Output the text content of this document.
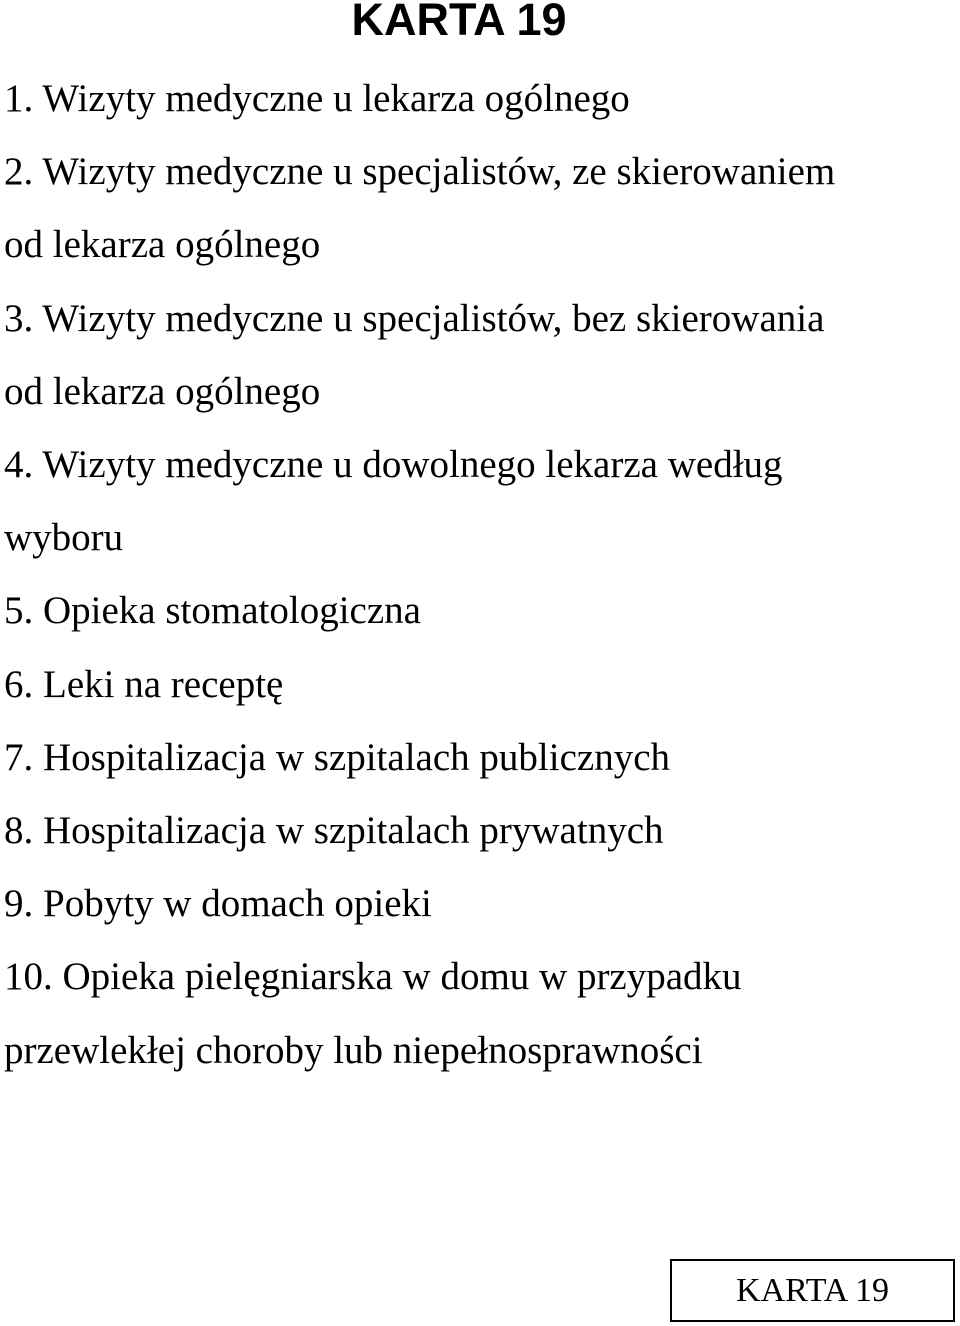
KARTA 19
1. Wizyty medyczne u lekarza ogólnego
2. Wizyty medyczne u specjalistów, ze skierowaniem
od lekarza ogólnego
3. Wizyty medyczne u specjalistów, bez skierowania
od lekarza ogólnego
4. Wizyty medyczne u dowolnego lekarza według
wyboru
5. Opieka stomatologiczna
6. Leki na receptę
7. Hospitalizacja w szpitalach publicznych
8. Hospitalizacja w szpitalach prywatnych
9. Pobyty w domach opieki
10. Opieka pielęgniarska w domu w przypadku
przewlekłej choroby lub niepełnosprawności
KARTA 19
